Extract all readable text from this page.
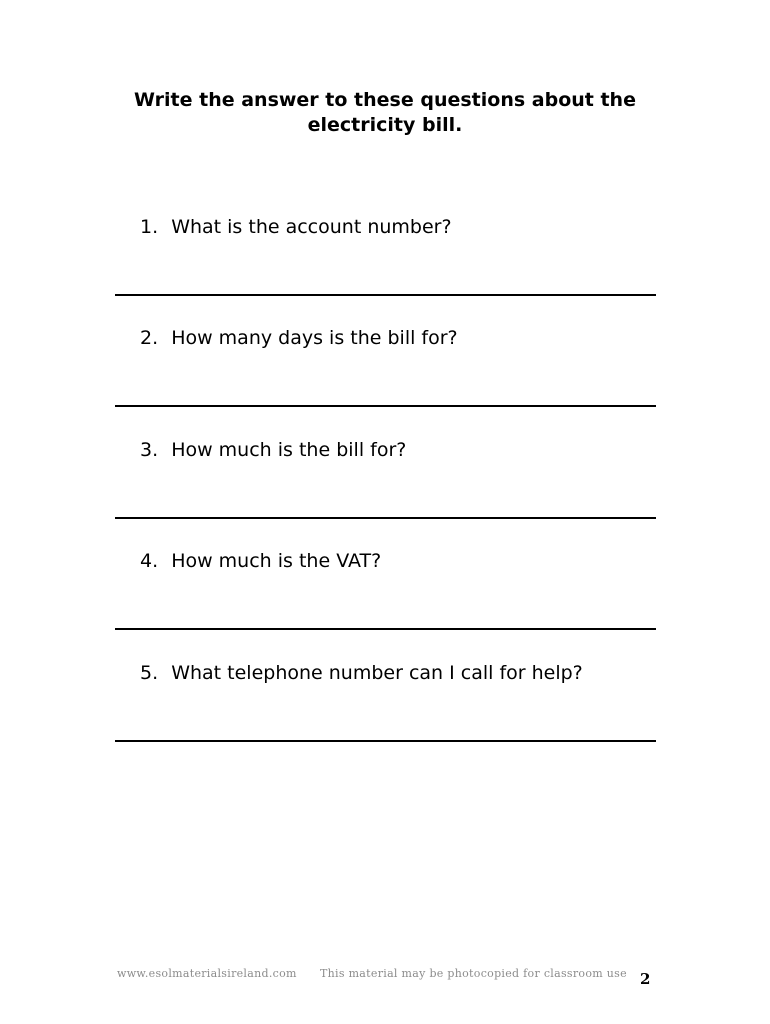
Write the answer to these questions about the
electricity bill.
1. What is the account number?
2. How many days is the bill for?
3. How much is the bill for?
4. How much is the VAT?
5. What telephone number can I call for help?
www.esolmaterialsireland.com This material may be photocopied for classroom use 2
